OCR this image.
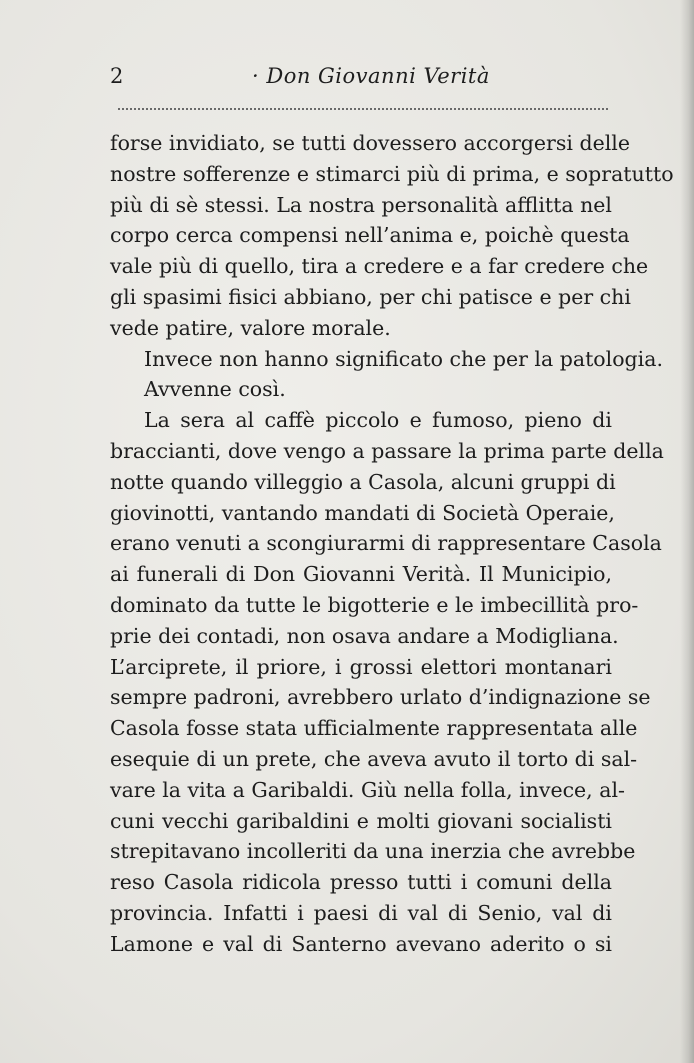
2	· Don Giovanni Verità
forse invidiato, se tutti dovessero accorgersi delle
nostre sofferenze e stimarci più di prima, e sopratutto
più di sè stessi. La nostra personalità afflitta nel
corpo cerca compensi nell’anima e, poichè questa
vale più di quello, tira a credere e a far credere che
gli spasimi fisici abbiano, per chi patisce e per chi
vede patire, valore morale.
Invece non hanno significato che per la patologia.
Avvenne così.
La sera al caffè piccolo e fumoso, pieno di
braccianti, dove vengo a passare la prima parte della
notte quando villeggio a Casola, alcuni gruppi di
giovinotti, vantando mandati di Società Operaie,
erano venuti a scongiurarmi di rappresentare Casola
ai funerali di Don Giovanni Verità. Il Municipio,
dominato da tutte le bigotterie e le imbecillità pro-
prie dei contadi, non osava andare a Modigliana.
L’arciprete, il priore, i grossi elettori montanari
sempre padroni, avrebbero urlato d’indignazione se
Casola fosse stata ufficialmente rappresentata alle
esequie di un prete, che aveva avuto il torto di sal-
vare la vita a Garibaldi. Giù nella folla, invece, al-
cuni vecchi garibaldini e molti giovani socialisti
strepitavano incolleriti da una inerzia che avrebbe
reso Casola ridicola presso tutti i comuni della
provincia. Infatti i paesi di val di Senio, val di
Lamone e val di Santerno avevano aderito o si
